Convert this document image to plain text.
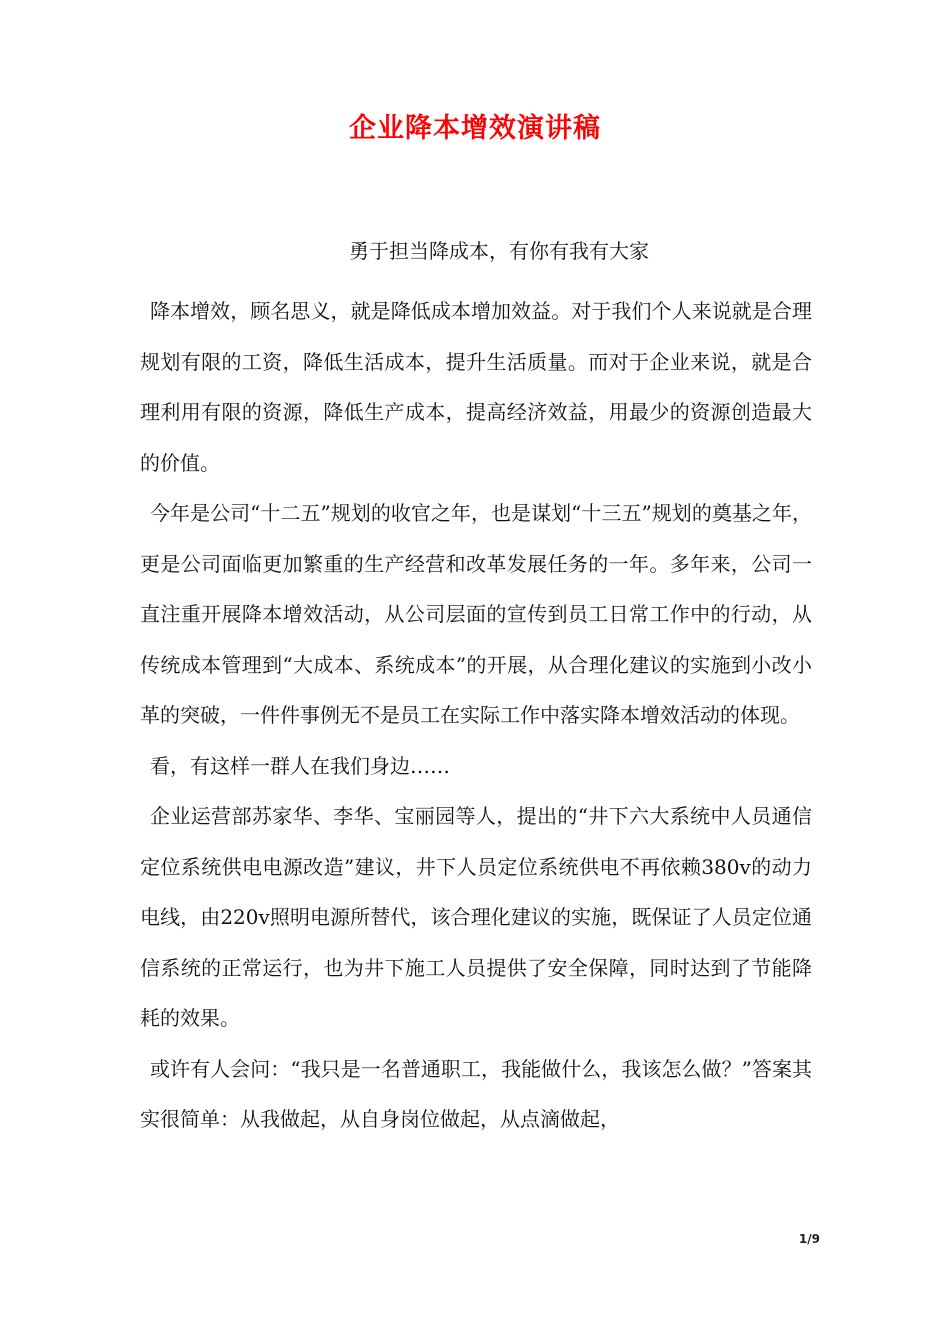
企业降本增效演讲稿

勇于担当降成本，有你有我有大家

降本增效，顾名思义，就是降低成本增加效益。对于我们个人来说就是合理规划有限的工资，降低生活成本，提升生活质量。而对于企业来说，就是合理利用有限的资源，降低生产成本，提高经济效益，用最少的资源创造最大的价值。

今年是公司“十二五”规划的收官之年，也是谋划“十三五”规划的奠基之年，更是公司面临更加繁重的生产经营和改革发展任务的一年。多年来，公司一直注重开展降本增效活动，从公司层面的宣传到员工日常工作中的行动，从传统成本管理到“大成本、系统成本”的开展，从合理化建议的实施到小改小革的突破，一件件事例无不是员工在实际工作中落实降本增效活动的体现。

看，有这样一群人在我们身边……

企业运营部苏家华、李华、宝丽园等人，提出的“井下六大系统中人员通信定位系统供电电源改造”建议，井下人员定位系统供电不再依赖380v的动力电线，由220v照明电源所替代，该合理化建议的实施，既保证了人员定位通信系统的正常运行，也为井下施工人员提供了安全保障，同时达到了节能降耗的效果。

或许有人会问：“我只是一名普通职工，我能做什么，我该怎么做？”答案其实很简单：从我做起，从自身岗位做起，从点滴做起，

1/9
